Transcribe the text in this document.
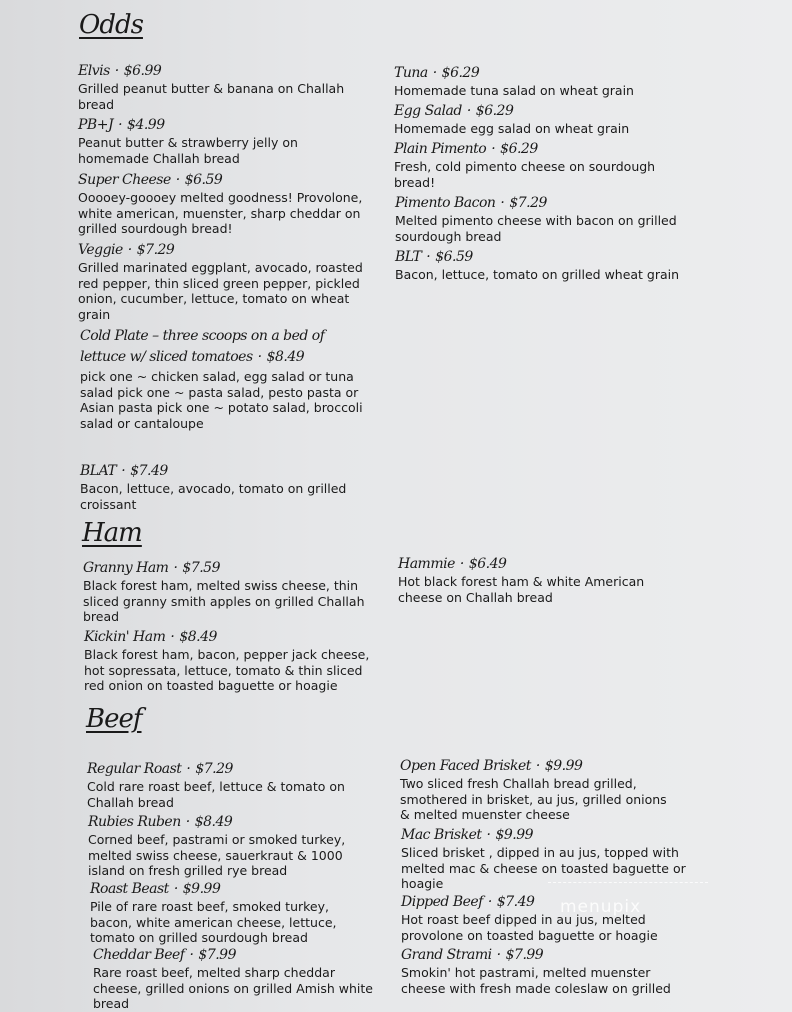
Odds
Ham
Beef
Elvis · $6.99
Grilled peanut butter & banana on Challah bread
PB+J · $4.99
Peanut butter & strawberry jelly on homemade Challah bread
Super Cheese · $6.59
Ooooey-goooey melted goodness! Provolone, white american, muenster, sharp cheddar on grilled sourdough bread!
Veggie · $7.29
Grilled marinated eggplant, avocado, roasted red pepper, thin sliced green pepper, pickled onion, cucumber, lettuce, tomato on wheat grain
Cold Plate – three scoops on a bed of lettuce w/ sliced tomatoes · $8.49
pick one ~ chicken salad, egg salad or tuna salad pick one ~ pasta salad, pesto pasta or Asian pasta pick one ~ potato salad, broccoli salad or cantaloupe
BLAT · $7.49
Bacon, lettuce, avocado, tomato on grilled croissant
Tuna · $6.29
Homemade tuna salad on wheat grain
Egg Salad · $6.29
Homemade egg salad on wheat grain
Plain Pimento · $6.29
Fresh, cold pimento cheese on sourdough bread!
Pimento Bacon · $7.29
Melted pimento cheese with bacon on grilled sourdough bread
BLT · $6.59
Bacon, lettuce, tomato on grilled wheat grain
Granny Ham · $7.59
Black forest ham, melted swiss cheese, thin sliced granny smith apples on grilled Challah bread
Kickin' Ham · $8.49
Black forest ham, bacon, pepper jack cheese, hot sopressata, lettuce, tomato & thin sliced red onion on toasted baguette or hoagie
Hammie · $6.49
Hot black forest ham & white American cheese on Challah bread
Regular Roast · $7.29
Cold rare roast beef, lettuce & tomato on Challah bread
Rubies Ruben · $8.49
Corned beef, pastrami or smoked turkey, melted swiss cheese, sauerkraut & 1000 island on fresh grilled rye bread
Roast Beast · $9.99
Pile of rare roast beef, smoked turkey, bacon, white american cheese, lettuce, tomato on grilled sourdough bread
Cheddar Beef · $7.99
Rare roast beef, melted sharp cheddar cheese, grilled onions on grilled Amish white bread
Open Faced Brisket · $9.99
Two sliced fresh Challah bread grilled, smothered in brisket, au jus, grilled onions & melted muenster cheese
Mac Brisket · $9.99
Sliced brisket , dipped in au jus, topped with melted mac & cheese on toasted baguette or hoagie
Dipped Beef · $7.49
Hot roast beef dipped in au jus, melted provolone on toasted baguette or hoagie
Grand Strami · $7.99
Smokin' hot pastrami, melted muenster cheese with fresh made coleslaw on grilled
menupix
